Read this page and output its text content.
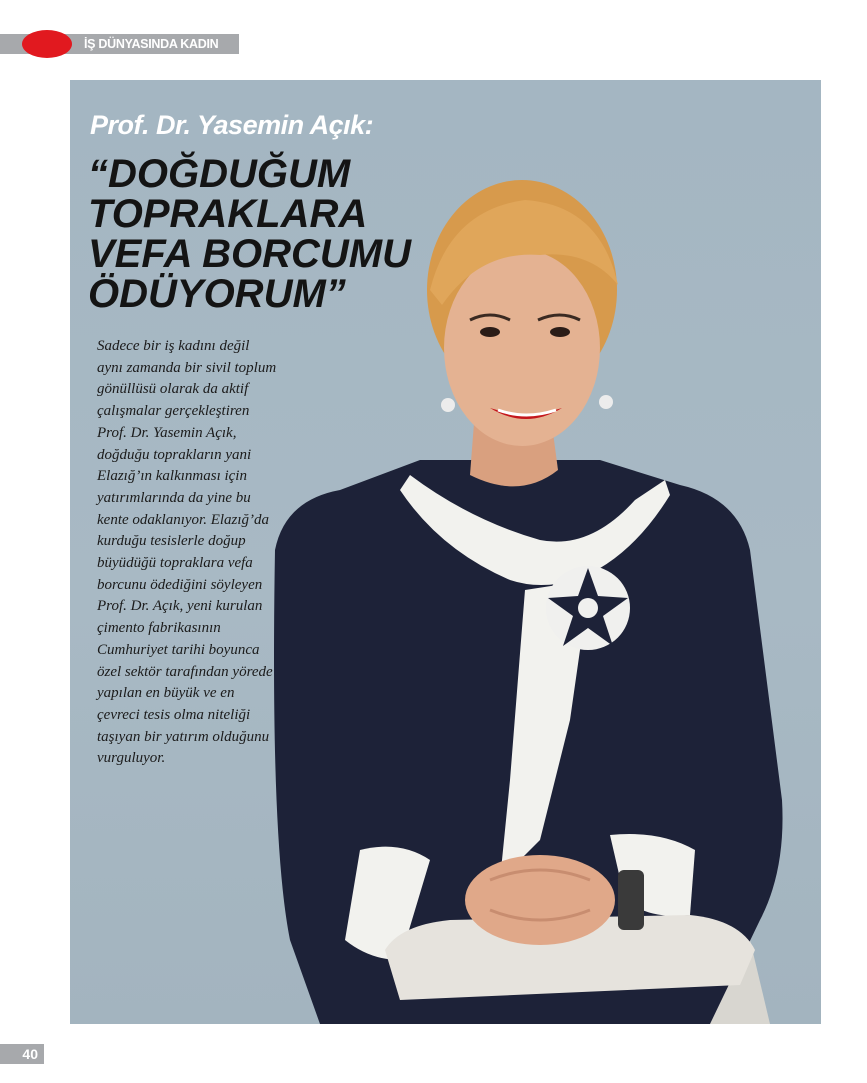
İŞ DÜNYASINDA KADIN
Prof. Dr. Yasemin Açık:
“DOĞDUĞUM
TOPRAKLARA
VEFA BORCUMU
ÖDÜYORUM”
Sadece bir iş kadını değil aynı zamanda bir sivil toplum gönüllüsü olarak da aktif çalışmalar gerçekleştiren Prof. Dr. Yasemin Açık, doğduğu toprakların yani Elazığ’ın kalkınması için yatırımlarında da yine bu kente odaklanıyor. Elazığ’da kurduğu tesislerle doğup büyüdüğü topraklara vefa borcunu ödediğini söyleyen Prof. Dr. Açık, yeni kurulan çimento fabrikasının Cumhuriyet tarihi boyunca özel sektör tarafından yörede yapılan en büyük ve en çevreci tesis olma niteliği taşıyan bir yatırım olduğunu vurguluyor.
40
